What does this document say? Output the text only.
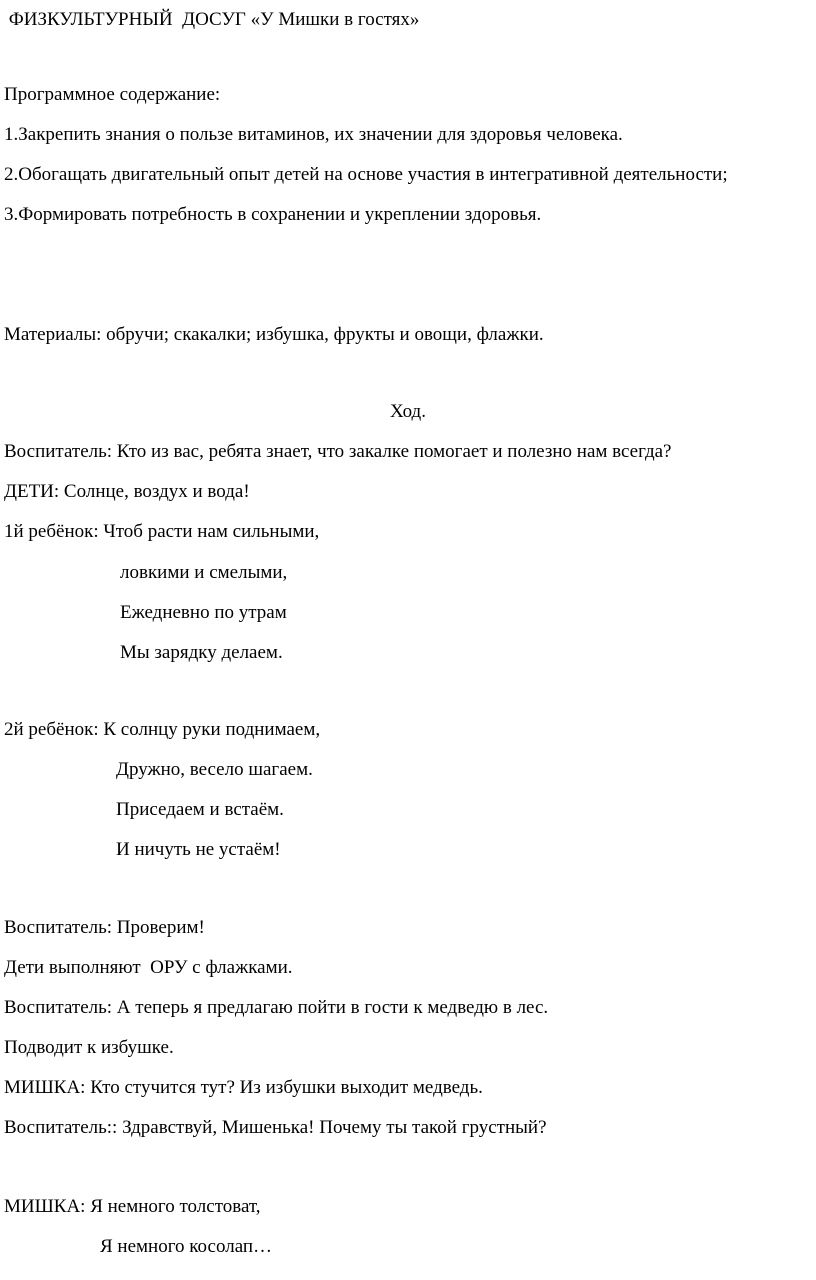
ФИЗКУЛЬТУРНЫЙ  ДОСУГ «У Мишки в гостях»
Программное содержание:
1.Закрепить знания о пользе витаминов, их значении для здоровья человека.
2.Обогащать двигательный опыт детей на основе участия в интегративной деятельности;
3.Формировать потребность в сохранении и укреплении здоровья.
Материалы: обручи; скакалки; избушка, фрукты и овощи, флажки.
Ход.
Воспитатель: Кто из вас, ребята знает, что закалке помогает и полезно нам всегда?
ДЕТИ: Солнце, воздух и вода!
1й ребёнок: Чтоб расти нам сильными,
ловкими и смелыми,
Ежедневно по утрам
Мы зарядку делаем.
2й ребёнок: К солнцу руки поднимаем,
Дружно, весело шагаем.
Приседаем и встаём.
И ничуть не устаём!
Воспитатель: Проверим!
Дети выполняют  ОРУ с флажками.
Воспитатель: А теперь я предлагаю пойти в гости к медведю в лес.
Подводит к избушке.
МИШКА: Кто стучится тут? Из избушки выходит медведь.
Воспитатель:: Здравствуй, Мишенька! Почему ты такой грустный?
МИШКА: Я немного толстоват,
Я немного косолап…
